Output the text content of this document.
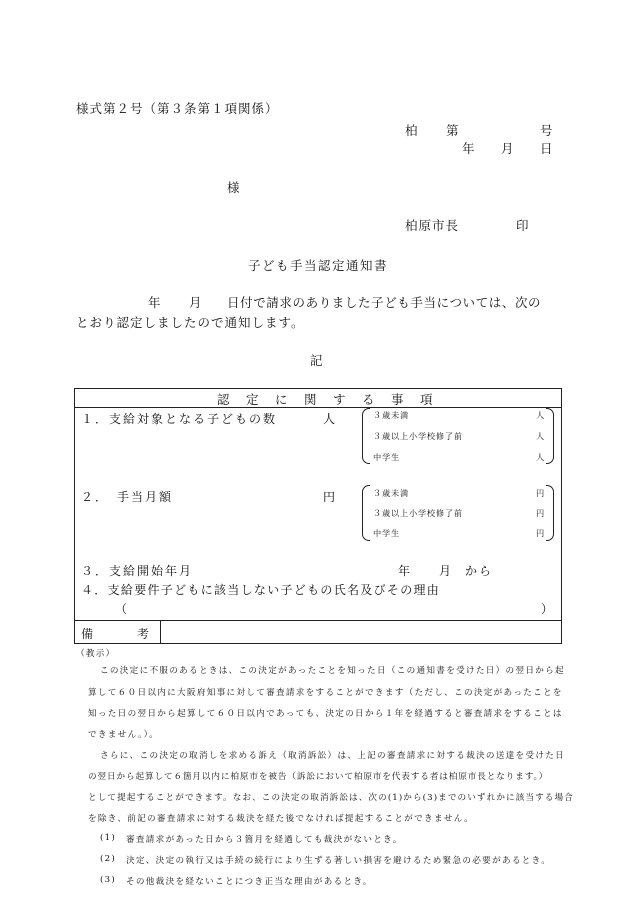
様式第２号（第３条第１項関係）
柏 第	号
年 月 日
様
柏原市長	印
子ども手当認定通知書
年 月 日付で請求のありました子ども手当については、次の
とおり認定しましたので通知します。
記
認　定　に　関　す　る　事　項
１．支給対象となる子どもの数	人	３歳未満	人
３歳以上小学校修了前	人
中学生	人
２．　手当月額	円	３歳未満	円
３歳以上小学校修了前	円
中学生	円
３．支給開始年月	年 月 から
４．支給要件子どもに該当しない子どもの氏名及びその理由
（	）
備　　　考
（教示）
この決定に不服のあるときは、この決定があったことを知った日（この通知書を受けた日）の翌日から起
算して６０日以内に大阪府知事に対して審査請求をすることができます（ただし、この決定があったことを
知った日の翌日から起算して６０日以内であっても、決定の日から１年を経過すると審査請求をすることは
できません。）。
さらに、この決定の取消しを求める訴え（取消訴訟）は、上記の審査請求に対する裁決の送達を受けた日
の翌日から起算して６箇月以内に柏原市を被告（訴訟において柏原市を代表する者は柏原市長となります。）
として提起することができます。なお、この決定の取消訴訟は、次の(1)から(3)までのいずれかに該当する場合
を除き、前記の審査請求に対する裁決を経た後でなければ提起することができません。
(1) 審査請求があった日から３箇月を経過しても裁決がないとき。
(2) 決定、決定の執行又は手続の続行により生ずる著しい損害を避けるため緊急の必要があるとき。
(3) その他裁決を経ないことにつき正当な理由があるとき。
